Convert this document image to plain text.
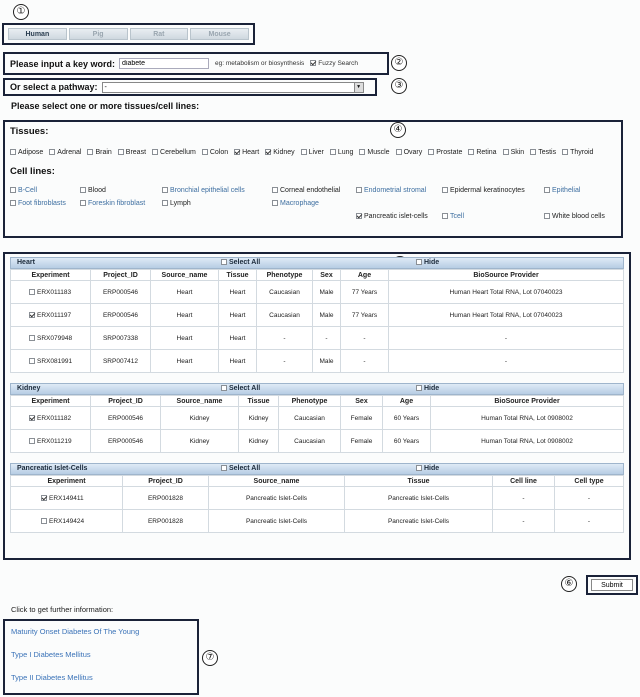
①
Human	Pig	Rat	Mouse
Please input a key word:
diabete	eg: metabolism or biosynthesis	Fuzzy Search	②
Or select a pathway:	-	▼	③
Please select one or more tissues/cell lines:
④
Tissues:
Adipose	Adrenal	Brain	Breast	Cerebellum	Colon	Heart	Kidney	Liver	Lung	Muscle	Ovary	Prostate	Retina	Skin	Testis	Thyroid
Cell lines:
B-Cell	Blood	Bronchial epithelial cells	Corneal endothelial	Endometrial stromal	Epidermal keratinocytes	Epithelial
Foot fibroblasts	Foreskin fibroblast	Lymph	Macrophage
Pancreatic islet-cells	Tcell	White blood cells
Heart	Select All	Hide
Experiment	Project_ID	Source_name	Tissue	Phenotype	Sex	Age	BioSource Provider
ERX011183	ERP000546	Heart	Heart	Caucasian	Male	77 Years	Human Heart Total RNA, Lot 07040023
ERX011197	ERP000546	Heart	Heart	Caucasian	Male	77 Years	Human Heart Total RNA, Lot 07040023
SRX079948	SRP007338	Heart	Heart	-	-	-	-
SRX081991	SRP007412	Heart	Heart	-	Male	-	-
Kidney	Select All	Hide
Experiment	Project_ID	Source_name	Tissue	Phenotype	Sex	Age	BioSource Provider
ERX011182	ERP000546	Kidney	Kidney	Caucasian	Female	60 Years	Human Total RNA, Lot 0908002
ERX011219	ERP000546	Kidney	Kidney	Caucasian	Female	60 Years	Human Total RNA, Lot 0908002
Pancreatic Islet-Cells	Select All	Hide
Experiment	Project_ID	Source_name	Tissue	Cell line	Cell type
ERX149411	ERP001828	Pancreatic Islet-Cells	Pancreatic Islet-Cells	-	-
ERX149424	ERP001828	Pancreatic Islet-Cells	Pancreatic Islet-Cells	-	-
⑥	Submit
Click to get further information:
Maturity Onset Diabetes Of The Young
Type I Diabetes Mellitus
Type II Diabetes Mellitus
⑦
